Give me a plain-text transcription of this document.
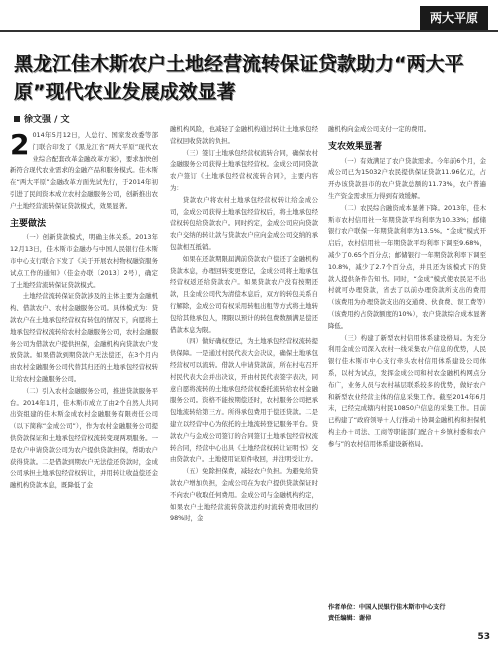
两大平原
黑龙江佳木斯农户土地经营流转保证贷款助力“两大平原”现代农业发展成效显著
徐文强 / 文

2 014年5月12日，人总行、国家发改委等部门联合印发了《黑龙江省“两大平原”现代农业综合配套改革金融改革方案》，要求加快创新符合现代农业需求的金融产品和服务模式。佳木斯在“两大平原”金融改革方面先试先行，于2014年初引进了民间资本成立农村金融服务公司，创新推出农户土地经营流转保证贷款模式，效果显著。

主要做法

（一）创新贷款模式，明确主体关系。2013年12月13日，佳木斯市金融办与中国人民银行佳木斯市中心支行联合下发了《关于开展农村物权融资服务试点工作的通知》（佳金办联〔2013〕2号），确定了土地经营流转保证贷款模式。

土地经营流转保证贷款涉及的主体主要为金融机构、借款农户、农村金融服务公司。具体模式为：贷款农户在土地承包经营权有转包的情况下，向愿将土地承包经营权流转给农村金融服务公司，农村金融服务公司为借款农户提供担保，金融机构向贷款农户发放贷款。如果借款到期贷款户无法偿还，在3个月内由农村金融服务公司代替其归还的土地承包经营权转让给农村金融服务公司。

（二）引入农村金融服务公司，推进贷款服务平台。2014年1月，佳木斯市成立了由2个自然人共同出资组建的佳木斯金成农村金融服务有限责任公司（以下简称“金成公司”），作为农村金融服务公司提供贷款保证和土地承包经营权流转变现两项服务。一是农户申请贷款公司为农户提供贷款担保，帮助农户获得贷款。二是借款到期农户无法偿还贷款时，金成公司承担土地承包经营权转让，并用转让收益偿还金融机构贷款本息，既降低了金

融机构风险，也减轻了金融机构通过转让土地承包经营权回收贷款的负担。

（三）签订土地承包经营权流转合同，确保农村金融服务公司获得土地承包经营权。金成公司同贷款农户签订《土地承包经营权流转合同》，主要内容为：

贷款农户将农村土地承包经营权转让给金成公司，金成公司获得土地承包经营权后，将土地承包经营权转包给贷款农户。同时约定，金成公司应向贷款农户交纳的转让款与贷款农户应向金成公司交纳的承包款相互抵销。

如果在还款期限届满前贷款农户偿还了金融机构贷款本息，办理回转变更登记，金成公司将土地承包经营权返还给贷款农户。如果贷款农户没有按期还款，且金成公司代为清偿本息后，双方的转包关系自行解除，金成公司有权采用转租出租等方式将土地转包给其他承包人，期限以预计的转包费数额满足偿还借款本息为限。

（四）做好确权登记，为土地承包经营权流转提供保障。一是通过村民代表大会决议，确保土地承包经营权可以流转。借款人申请贷款前，所在村屯召开村民代表大会并出决议，开由村民代表签字表决，同意自愿将流转的土地承包经营权委托流转给农村金融服务公司。资格不能按期偿还时，农村服务公司把承包地流转给第三方。所得承包费用于偿还贷款。二是建立以经营中心为依托的土地流转登记服务平台。贷款农户与金成公司签订的合同签订土地承包经营权流转合同，经营中心出具《土地经营权转让证明书》交由贷款农户。土地使用证原件收回，并注明受让方。

（五）免除担保费，减轻农户负担。为避免给贷款农户增加负担，金成公司在为农户提供贷款保证时不向农户收取任何费用。金成公司与金融机构约定，如果农户土地经营流转贷款违约时流转费用收回约98%时，金

融机构向金成公司支付一定的费用。

支农效果显著

（一）有效满足了农户贷款需求。今年前6个月，金成公司已为15032户农民提供保证贷款11.96亿元，占开办该贷款县市的农户贷款总额的11.73%，农户普遍生产资金需求压力得到有效缓解。

（二）农民综合融资成本显著下降。2013年，佳木斯市农村信用社一年期贷款平均利率为10.33%；邮储银行农户联保一年期贷款利率为13.5%。“金成”模式开启后，农村信用社一年期贷款平均利率下调至9.68%，减少了0.65个百分点；邮储银行一年期贷款利率下调至10.8%，减少了2.7个百分点，并且还为该模式下的贷款人提供条件告知书。同时，“金成”模式使农民足不出村就可办理贷款，省去了以前办理贷款所支出的费用（该费用为办理贷款支出的交通费、伙食费、误工费等）（该费用约占贷款额度的10%），农户贷款综合成本显著降低。

（三）构建了新型农村信用体系建设格局。为充分利用金成公司深入农村一线采集农户信息的优势，人民银行佳木斯市中心支行牵头农村信用体系建设公司体系，以村为试点，发挥金成公司和村农金融机构网点分布广，业务人员与农村基层联系较多的优势，做好农户和新型农业经营主体的信息采集工作。截至2014年6月末，已经完成辖内村民10850户信息的采集工作。目前已构建了“政府领导＋人行推动＋协调金融机构和担保机构主办＋司法、工商等职能部门配合＋乡镇村委和农户参与”的农村信用体系建设新格局。

作者单位：中国人民银行佳木斯市中心支行
责任编辑：谢倬
53
